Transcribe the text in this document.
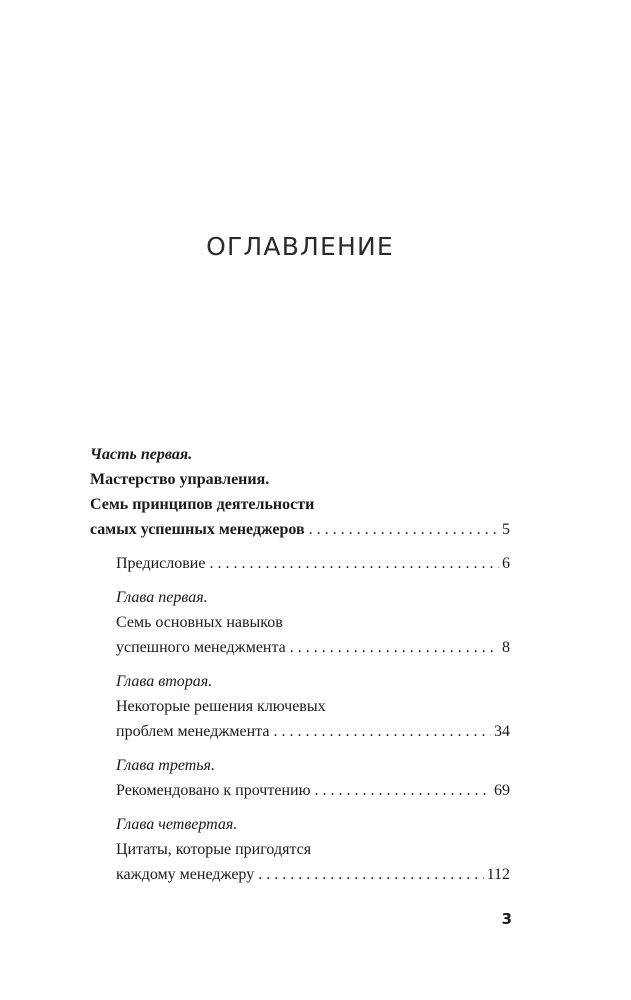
ОГЛАВЛЕНИЕ
Часть первая.
Мастерство управления.
Семь принципов деятельности
самых успешных менеджеров . . .	5
Предисловие . . .	6
Глава первая.
Семь основных навыков
успешного менеджмента . . .	8
Глава вторая.
Некоторые решения ключевых
проблем менеджмента . . .	34
Глава третья.
Рекомендовано к прочтению . . .	69
Глава четвертая.
Цитаты, которые пригодятся
каждому менеджеру . . .	112
3
